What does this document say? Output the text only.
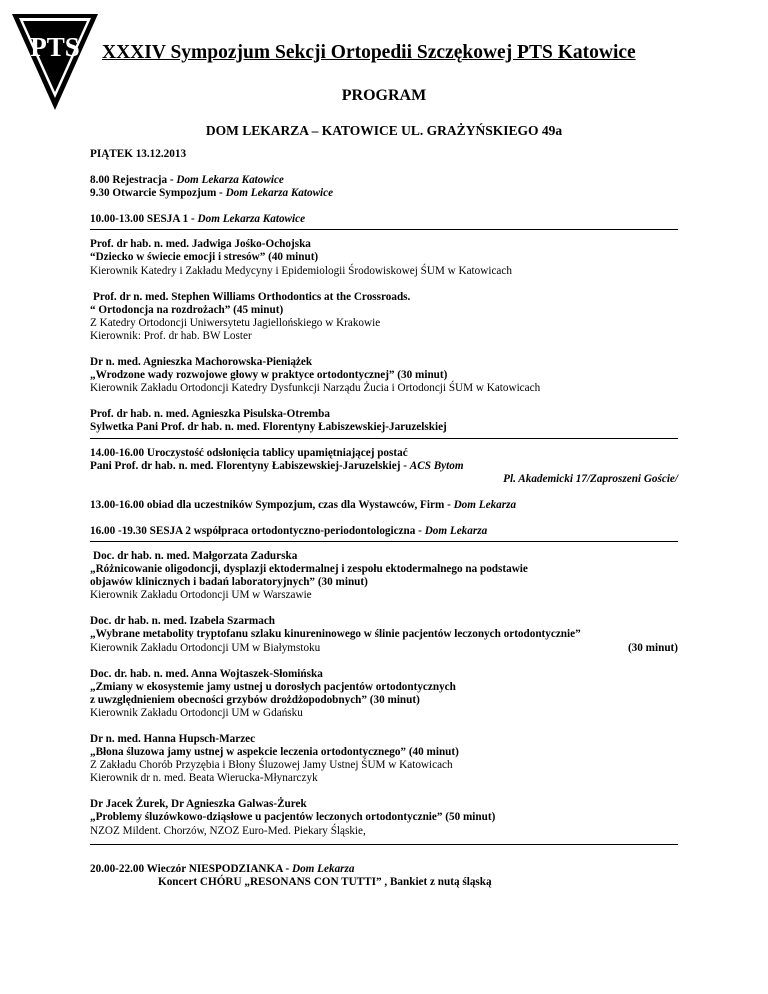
PTS XXXIV Sympozjum Sekcji Ortopedii Szczękowej PTS Katowice
PROGRAM
DOM LEKARZA – KATOWICE UL. GRAŻYŃSKIEGO 49a
PIĄTEK 13.12.2013
8.00 Rejestracja - Dom Lekarza Katowice
9.30 Otwarcie Sympozjum - Dom Lekarza Katowice
10.00-13.00 SESJA 1 - Dom Lekarza Katowice
Prof. dr hab. n. med. Jadwiga Jośko-Ochojska
“Dziecko w świecie emocji i stresów” (40 minut)
Kierownik Katedry i Zakładu Medycyny i Epidemiologii Środowiskowej ŚUM w Katowicach
Prof. dr n. med. Stephen Williams Orthodontics at the Crossroads.
“ Ortodoncja na rozdrożach” (45 minut)
Z Katedry Ortodoncji Uniwersytetu Jagiellońskiego w Krakowie
Kierownik: Prof. dr hab. BW Loster
Dr n. med. Agnieszka Machorowska-Pieniążek
„Wrodzone wady rozwojowe głowy w praktyce ortodontycznej” (30 minut)
Kierownik Zakładu Ortodoncji Katedry Dysfunkcji Narządu Żucia i Ortodoncji ŚUM w Katowicach
Prof. dr hab. n. med. Agnieszka Pisulska-Otremba
Sylwetka Pani Prof. dr hab. n. med. Florentyny Łabiszewskiej-Jaruzelskiej
14.00-16.00 Uroczystość odsłonięcia tablicy upamiętniającej postać
Pani Prof. dr hab. n. med. Florentyny Łabiszewskiej-Jaruzelskiej - ACS Bytom
Pl. Akademicki 17/Zaproszeni Goście/
13.00-16.00 obiad dla uczestników Sympozjum, czas dla Wystawców, Firm - Dom Lekarza
16.00 -19.30 SESJA 2 współpraca ortodontyczno-periodontologiczna - Dom Lekarza
Doc. dr hab. n. med. Małgorzata Zadurska
„Różnicowanie oligodoncji, dysplazji ektodermalnej i zespołu ektodermalnego na podstawie
objawów klinicznych i badań laboratoryjnych” (30 minut)
Kierownik Zakładu Ortodoncji UM w Warszawie
Doc. dr hab. n. med. Izabela Szarmach
„Wybrane metabolity tryptofanu szlaku kinureninowego w ślinie pacjentów leczonych ortodontycznie”
Kierownik Zakładu Ortodoncji UM w Białymstoku	(30 minut)
Doc. dr. hab. n. med. Anna Wojtaszek-Słomińska
„Zmiany w ekosystemie jamy ustnej u dorosłych pacjentów ortodontycznych
z uwzględnieniem obecności grzybów drożdżopodobnych” (30 minut)
Kierownik Zakładu Ortodoncji UM w Gdańsku
Dr n. med. Hanna Hupsch-Marzec
„Błona śluzowa jamy ustnej w aspekcie leczenia ortodontycznego” (40 minut)
Z Zakładu Chorób Przyzębia i Błony Śluzowej Jamy Ustnej ŚUM w Katowicach
Kierownik dr n. med. Beata Wierucka-Młynarczyk
Dr Jacek Żurek, Dr Agnieszka Galwas-Żurek
„Problemy śluzówkowo-dziąsłowe u pacjentów leczonych ortodontycznie” (50 minut)
NZOZ Mildent. Chorzów, NZOZ Euro-Med. Piekary Śląskie,
20.00-22.00 Wieczór NIESPODZIANKA - Dom Lekarza
Koncert CHÓRU „RESONANS CON TUTTI” , Bankiet z nutą śląską
